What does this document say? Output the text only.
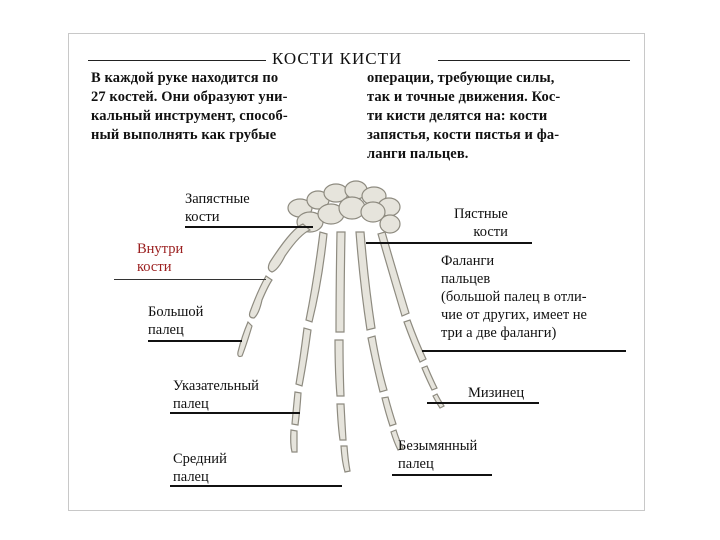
КОСТИ КИСТИ
В каждой руке находится по
27 костей. Они образуют уни-
кальный инструмент, способ-
ный выполнять как грубые
операции, требующие силы,
так и точные движения. Кос-
ти кисти делятся на: кости
запястья, кости пястья и фа-
ланги пальцев.
Запястные
кости
Внутри
кости
Большой
палец
Указательный
палец
Средний
палец
Пястные
кости
Фаланги
пальцев
(большой палец в отли-
чие от других, имеет не
три а две фаланги)
Мизинец
Безымянный
палец
